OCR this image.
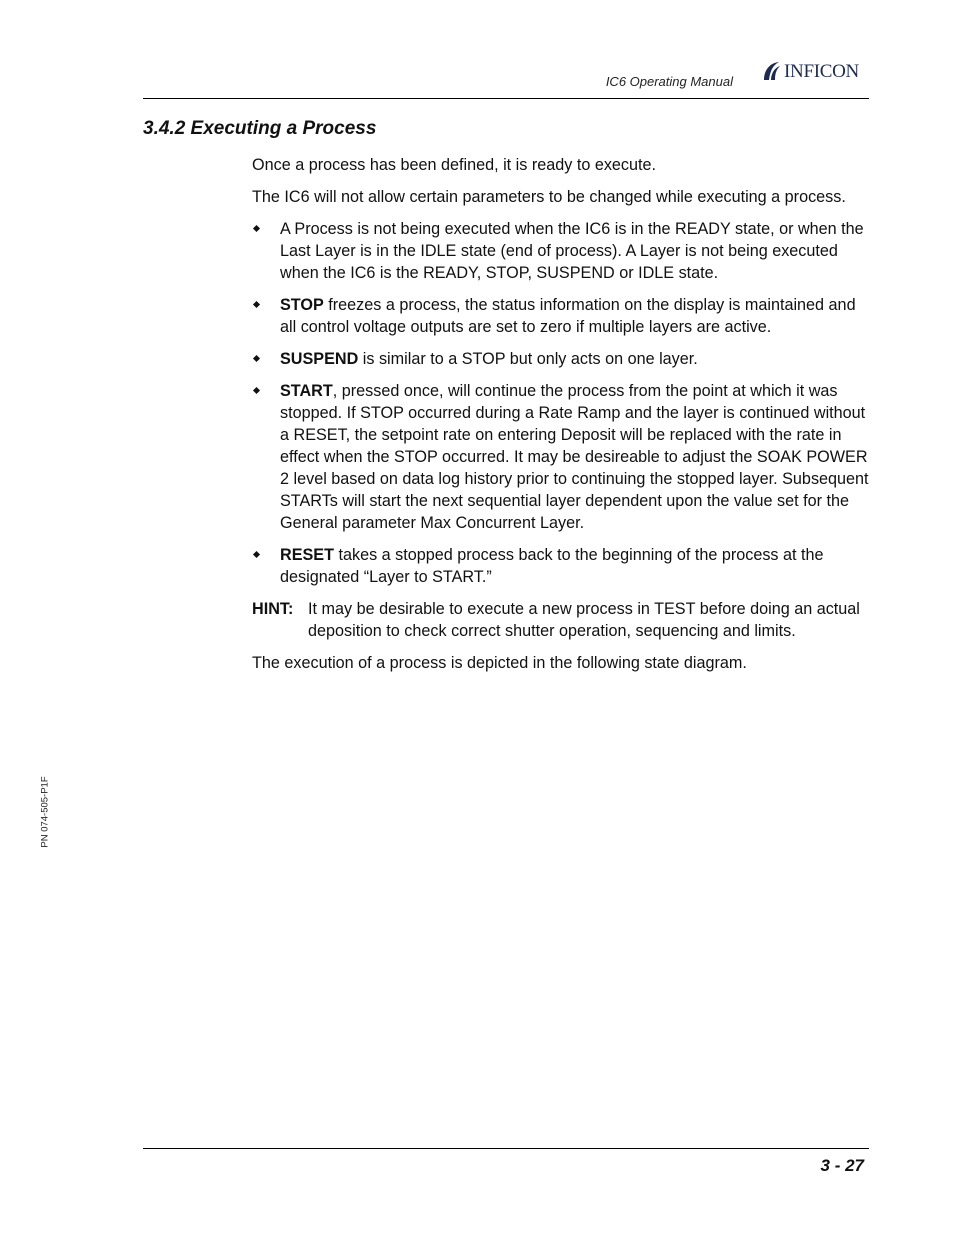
IC6 Operating Manual	INFICON
3.4.2 Executing a Process

Once a process has been defined, it is ready to execute.

The IC6 will not allow certain parameters to be changed while executing a process.

A Process is not being executed when the IC6 is in the READY state, or when the Last Layer is in the IDLE state (end of process). A Layer is not being executed when the IC6 is the READY, STOP, SUSPEND or IDLE state.
STOP freezes a process, the status information on the display is maintained and all control voltage outputs are set to zero if multiple layers are active.
SUSPEND is similar to a STOP but only acts on one layer.
START, pressed once, will continue the process from the point at which it was stopped. If STOP occurred during a Rate Ramp and the layer is continued without a RESET, the setpoint rate on entering Deposit will be replaced with the rate in effect when the STOP occurred. It may be desireable to adjust the SOAK POWER 2 level based on data log history prior to continuing the stopped layer. Subsequent STARTs will start the next sequential layer dependent upon the value set for the General parameter Max Concurrent Layer.
RESET takes a stopped process back to the beginning of the process at the designated “Layer to START.”
HINT: It may be desirable to execute a new process in TEST before doing an actual deposition to check correct shutter operation, sequencing and limits.

The execution of a process is depicted in the following state diagram.

PN 074-505-P1F
3 - 27
